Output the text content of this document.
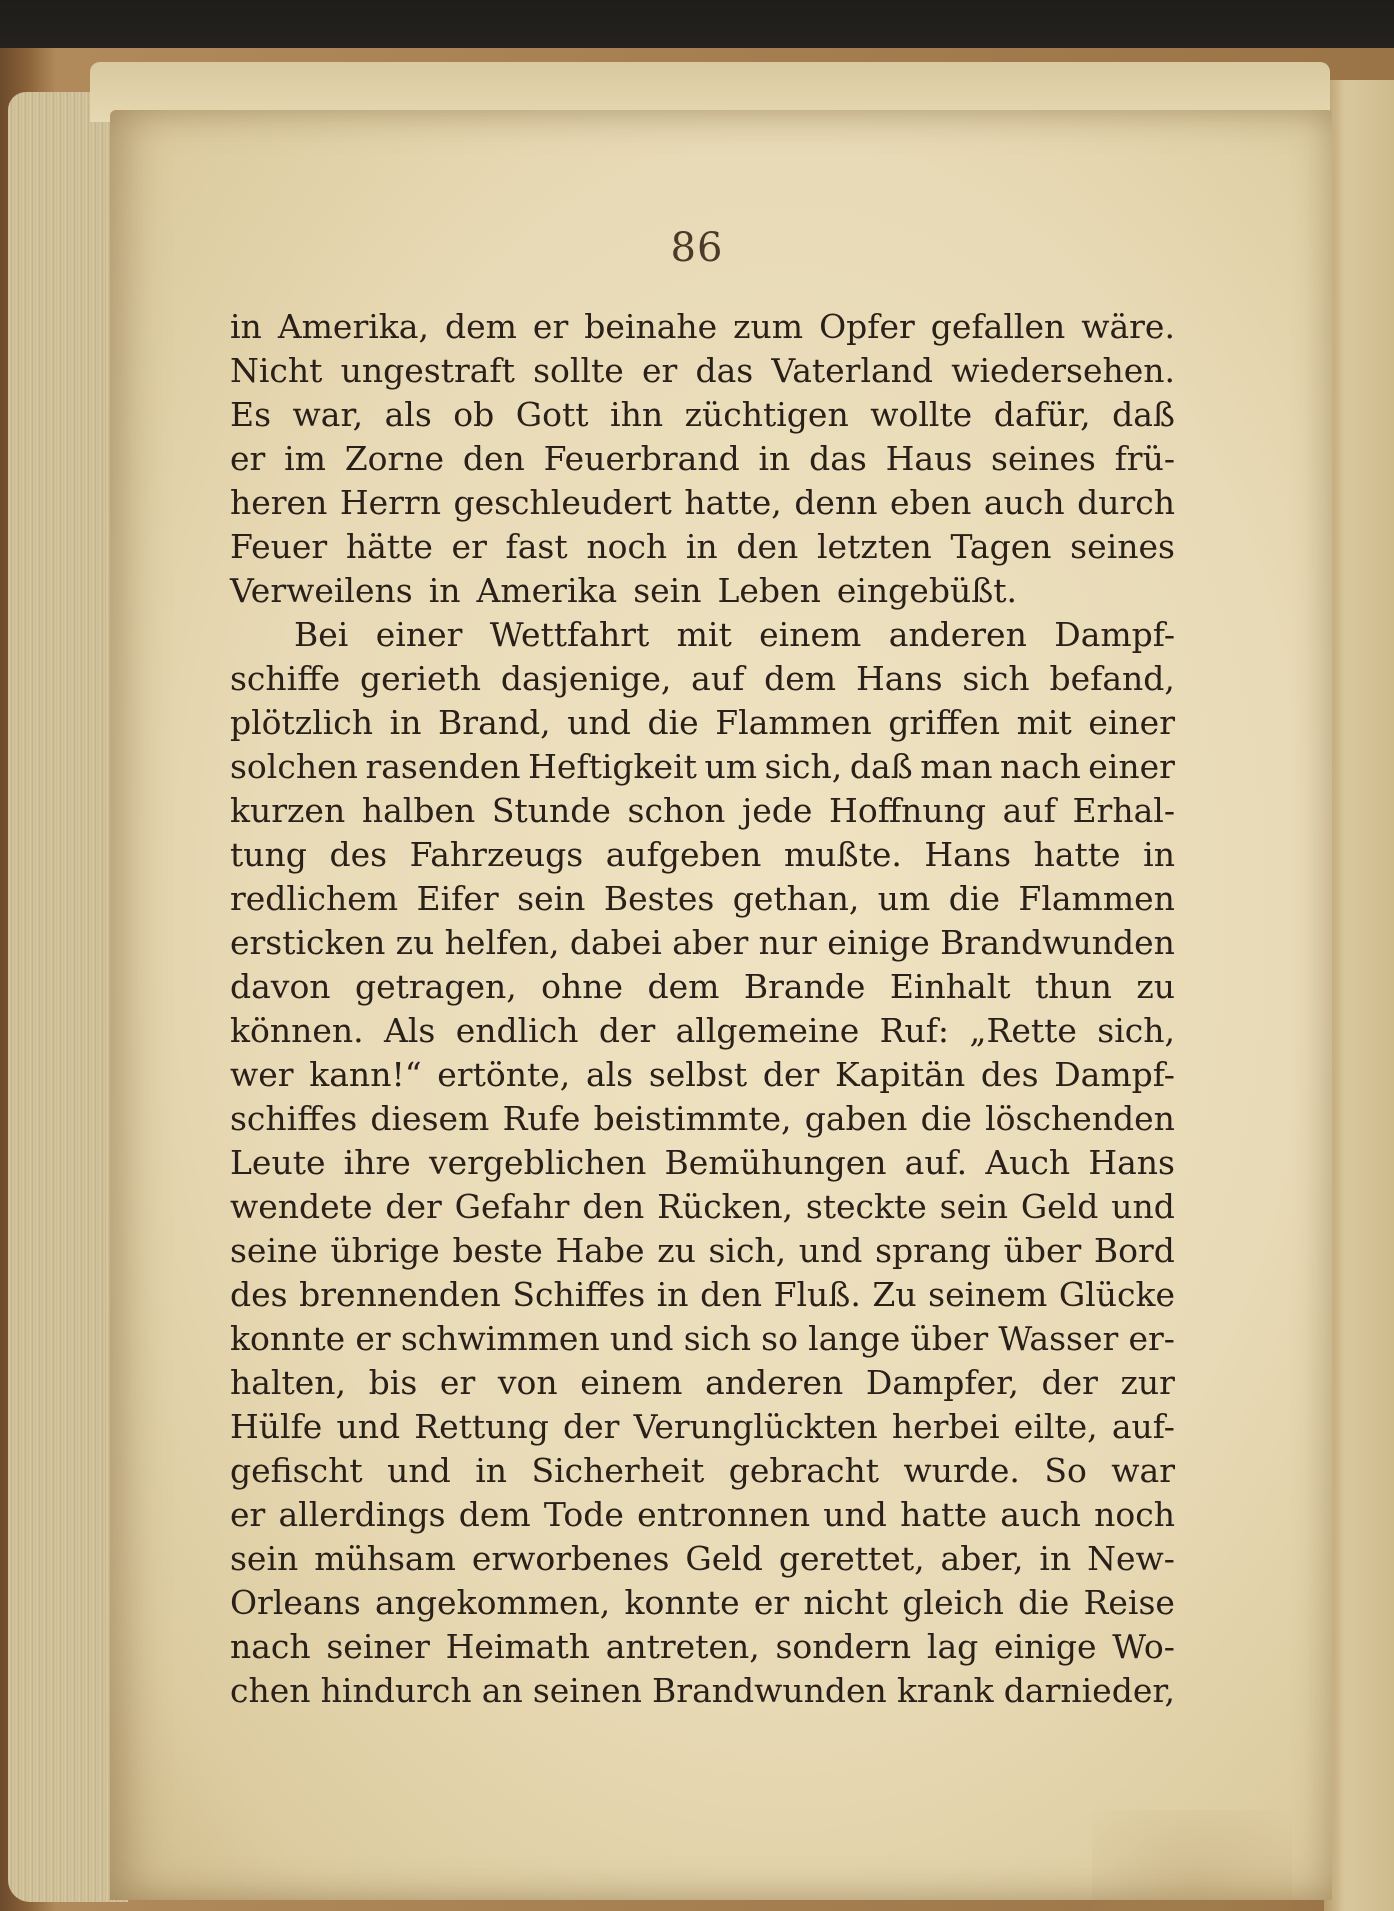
86
in Amerika, dem er beinahe zum Opfer gefallen wäre.
Nicht ungestraft sollte er das Vaterland wiedersehen.
Es war, als ob Gott ihn züchtigen wollte dafür, daß
er im Zorne den Feuerbrand in das Haus seines frü-
heren Herrn geschleudert hatte, denn eben auch durch
Feuer hätte er fast noch in den letzten Tagen seines
Verweilens in Amerika sein Leben eingebüßt.
Bei einer Wettfahrt mit einem anderen Dampf-
schiffe gerieth dasjenige, auf dem Hans sich befand,
plötzlich in Brand, und die Flammen griffen mit einer
solchen rasenden Heftigkeit um sich, daß man nach einer
kurzen halben Stunde schon jede Hoffnung auf Erhal-
tung des Fahrzeugs aufgeben mußte. Hans hatte in
redlichem Eifer sein Bestes gethan, um die Flammen
ersticken zu helfen, dabei aber nur einige Brandwunden
davon getragen, ohne dem Brande Einhalt thun zu
können. Als endlich der allgemeine Ruf: „Rette sich,
wer kann!“ ertönte, als selbst der Kapitän des Dampf-
schiffes diesem Rufe beistimmte, gaben die löschenden
Leute ihre vergeblichen Bemühungen auf. Auch Hans
wendete der Gefahr den Rücken, steckte sein Geld und
seine übrige beste Habe zu sich, und sprang über Bord
des brennenden Schiffes in den Fluß. Zu seinem Glücke
konnte er schwimmen und sich so lange über Wasser er-
halten, bis er von einem anderen Dampfer, der zur
Hülfe und Rettung der Verunglückten herbei eilte, auf-
gefischt und in Sicherheit gebracht wurde. So war
er allerdings dem Tode entronnen und hatte auch noch
sein mühsam erworbenes Geld gerettet, aber, in New-
Orleans angekommen, konnte er nicht gleich die Reise
nach seiner Heimath antreten, sondern lag einige Wo-
chen hindurch an seinen Brandwunden krank darnieder,
